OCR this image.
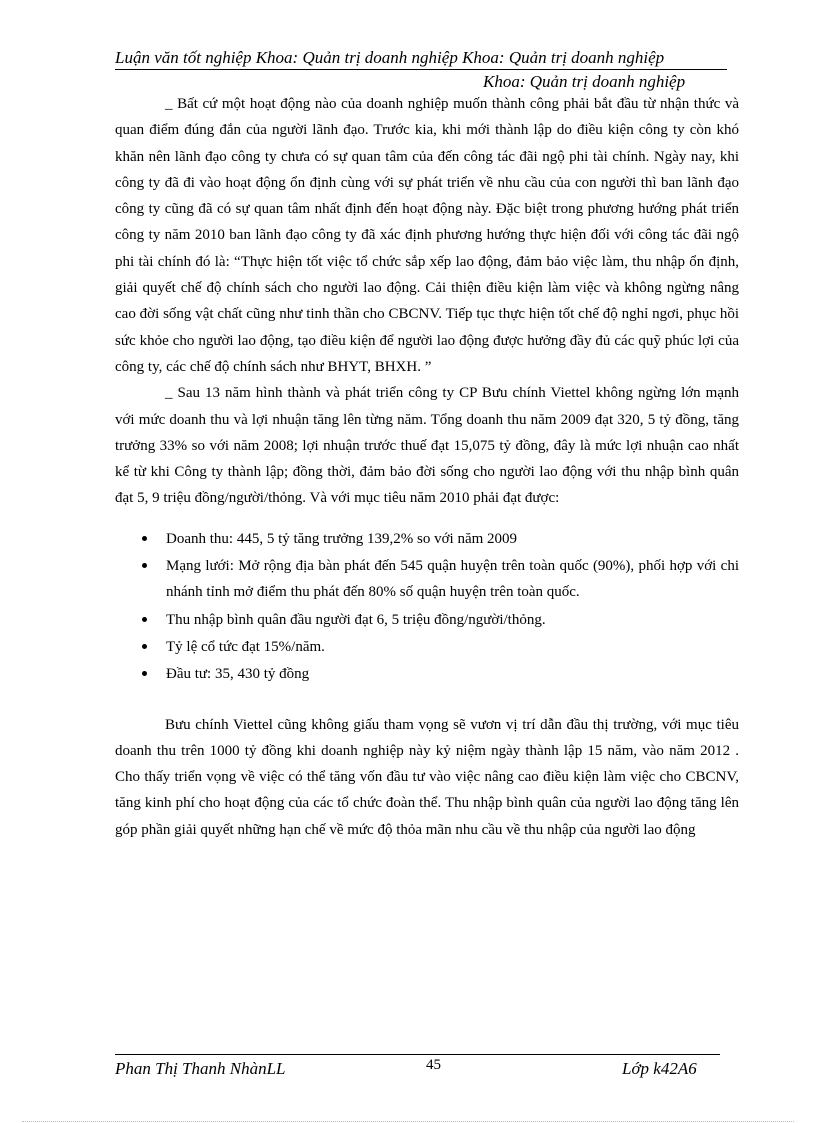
Luận văn tốt nghiệp Khoa: Quản trị doanh nghiệp Khoa: Quản trị doanh nghiệp
Khoa: Quản trị doanh nghiệp

_ Bất cứ một hoạt động nào của doanh nghiệp muốn thành công phải bắt đầu từ nhận thức và quan điểm đúng đắn của người lãnh đạo. Trước kia, khi mới thành lập do điều kiện công ty còn khó khăn nên lãnh đạo công ty chưa có sự quan tâm của đến công tác đãi ngộ phi tài chính. Ngày nay, khi công ty đã đi vào hoạt động ổn định cùng với sự phát triển về nhu cầu của con người thì ban lãnh đạo công ty cũng đã có sự quan tâm nhất định đến hoạt động này. Đặc biệt trong phương hướng phát triển công ty năm 2010 ban lãnh đạo công ty đã xác định phương hướng thực hiện đối với công tác đãi ngộ phi tài chính đó là: “Thực hiện tốt việc tổ chức sắp xếp lao động, đảm bảo việc làm, thu nhập ổn định, giải quyết chế độ chính sách cho người lao động. Cải thiện điều kiện làm việc và không ngừng nâng cao đời sống vật chất cũng như tinh thần cho CBCNV. Tiếp tục thực hiện tốt chế độ nghỉ ngơi, phục hồi sức khỏe cho người lao động, tạo điều kiện để người lao động được hưởng đầy đủ các quỹ phúc lợi của công ty, các chế độ chính sách như BHYT, BHXH. ”

_ Sau 13 năm hình thành và phát triển công ty CP Bưu chính Viettel không ngừng lớn mạnh với mức doanh thu và lợi nhuận tăng lên từng năm. Tổng doanh thu năm 2009 đạt 320, 5 tỷ đồng, tăng trưởng 33% so với năm 2008; lợi nhuận trước thuế đạt 15,075 tỷ đồng, đây là mức lợi nhuận cao nhất kể từ khi Công ty thành lập; đồng thời, đảm bảo đời sống cho người lao động với thu nhập bình quân đạt 5, 9 triệu đồng/người/thỏng. Và với mục tiêu năm 2010 phải đạt được:

Doanh thu: 445, 5 tỷ tăng trưởng 139,2% so với năm 2009
Mạng lưới: Mở rộng địa bàn phát đến 545 quận huyện trên toàn quốc (90%), phối hợp với chi nhánh tỉnh mở điểm thu phát đến 80% số quận huyện trên toàn quốc.
Thu nhập bình quân đầu người đạt 6, 5 triệu đồng/người/thỏng.
Tỷ lệ cổ tức đạt 15%/năm.
Đầu tư: 35, 430 tỷ đồng

Bưu chính Viettel cũng không giấu tham vọng sẽ vươn vị trí dẫn đầu thị trường, với mục tiêu doanh thu trên 1000 tỷ đồng khi doanh nghiệp này kỷ niệm ngày thành lập 15 năm, vào năm 2012 . Cho thấy triển vọng về việc có thể tăng vốn đầu tư vào việc nâng cao điều kiện làm việc cho CBCNV, tăng kinh phí cho hoạt động của các tổ chức đoàn thể. Thu nhập bình quân của người lao động tăng lên góp phần giải quyết những hạn chế về mức độ thỏa mãn nhu cầu về thu nhập của người lao động

Phan Thị Thanh NhànLL	45	Lớp k42A6
